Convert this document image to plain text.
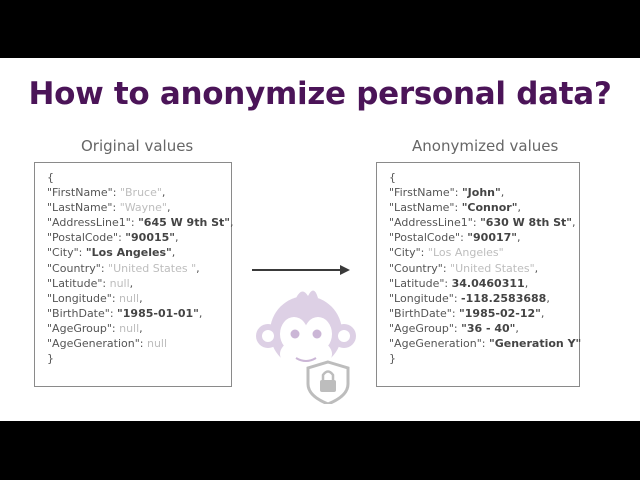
How to anonymize personal data?
Original values
{
"FirstName": "Bruce",
"LastName": "Wayne",
"AddressLine1": "645 W 9th St",
"PostalCode": "90015",
"City": "Los Angeles",
"Country": "United States ",
"Latitude": null,
"Longitude": null,
"BirthDate": "1985-01-01",
"AgeGroup": null,
"AgeGeneration": null
}
Anonymized values
{
"FirstName": "John",
"LastName": "Connor",
"AddressLine1": "630 W 8th St",
"PostalCode": "90017",
"City": "Los Angeles"
"Country": "United States",
"Latitude": 34.0460311,
"Longitude": -118.2583688,
"BirthDate": "1985-02-12",
"AgeGroup": "36 - 40",
"AgeGeneration": "Generation Y"
}
